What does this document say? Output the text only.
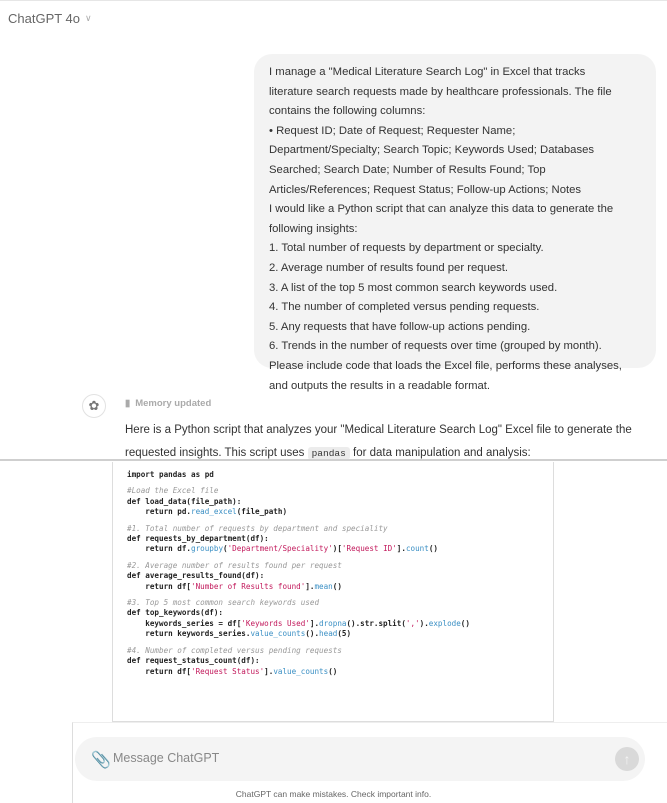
ChatGPT 4o ∨
I manage a "Medical Literature Search Log" in Excel that tracks
literature search requests made by healthcare professionals. The file
contains the following columns:
• Request ID; Date of Request; Requester Name;
Department/Specialty; Search Topic; Keywords Used; Databases
Searched; Search Date; Number of Results Found; Top
Articles/References; Request Status; Follow-up Actions; Notes
I would like a Python script that can analyze this data to generate the
following insights:
1. Total number of requests by department or specialty.
2. Average number of results found per request.
3. A list of the top 5 most common search keywords used.
4. The number of completed versus pending requests.
5. Any requests that have follow-up actions pending.
6. Trends in the number of requests over time (grouped by month).
Please include code that loads the Excel file, performs these analyses,
and outputs the results in a readable format.
✿	▮ Memory updated
Here is a Python script that analyzes your "Medical Literature Search Log" Excel file to generate the requested insights. This script uses pandas for data manipulation and analysis:
import pandas as pd
#Load the Excel file
def load_data(file_path):
return pd.read_excel(file_path)
#1. Total number of requests by department and speciality
def requests_by_department(df):
return df.groupby('Department/Speciality')['Request ID'].count()
#2. Average number of results found per request
def average_results_found(df):
return df['Number of Results found'].mean()
#3. Top 5 most common search keywords used
def top_keywords(df):
keywords_series = df['Keywords Used'].dropna().str.split(',').explode()
return keywords_series.value_counts().head(5)
#4. Number of completed versus pending requests
def request_status_count(df):
return df['Request Status'].value_counts()
📎 Message ChatGPT	↑
ChatGPT can make mistakes. Check important info.
